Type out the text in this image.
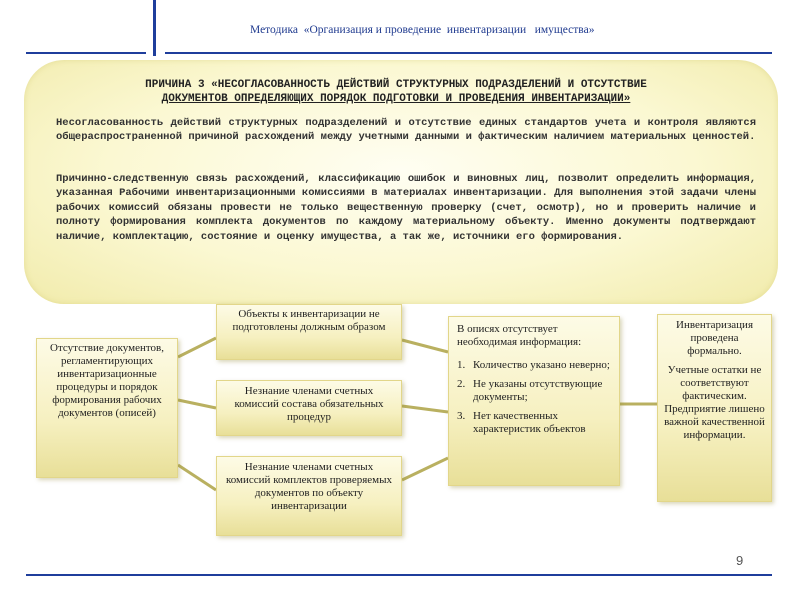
Методика  «Организация и проведение  инвентаризации   имущества»
ПРИЧИНА 3 «НЕСОГЛАСОВАННОСТЬ ДЕЙСТВИЙ СТРУКТУРНЫХ ПОДРАЗДЕЛЕНИЙ И ОТСУТСТВИЕ
ДОКУМЕНТОВ ОПРЕДЕЛЯЮЩИХ ПОРЯДОК ПОДГОТОВКИ И ПРОВЕДЕНИЯ ИНВЕНТАРИЗАЦИИ»
Несогласованность действий структурных подразделений и отсутствие единых стандартов учета и контроля являются общераспространенной причиной расхождений между учетными данными и фактическим наличием материальных ценностей.
Причинно-следственную связь расхождений, классификацию ошибок и виновных лиц, позволит определить информация, указанная Рабочими инвентаризационными комиссиями в материалах инвентаризации. Для выполнения этой задачи члены рабочих комиссий обязаны провести не только вещественную проверку (счет, осмотр), но и проверить наличие и полноту формирования комплекта документов по каждому материальному объекту. Именно документы подтверждают наличие, комплектацию, состояние и оценку имущества, а так же, источники его формирования.
Отсутствие документов, регламентирующих инвентаризационные процедуры и порядок формирования рабочих документов (описей)
Объекты к инвентаризации не подготовлены должным образом
Незнание членами счетных комиссий состава обязательных процедур
Незнание членами счетных комиссий комплектов проверяемых документов по объекту инвентаризации
В описях отсутствует необходимая информация:
1. Количество указано неверно;
2. Не указаны отсутствующие документы;
3. Нет качественных характеристик объектов
Инвентаризация проведена формально.
Учетные остатки не соответствуют фактическим. Предприятие лишено важной качественной информации.
9
